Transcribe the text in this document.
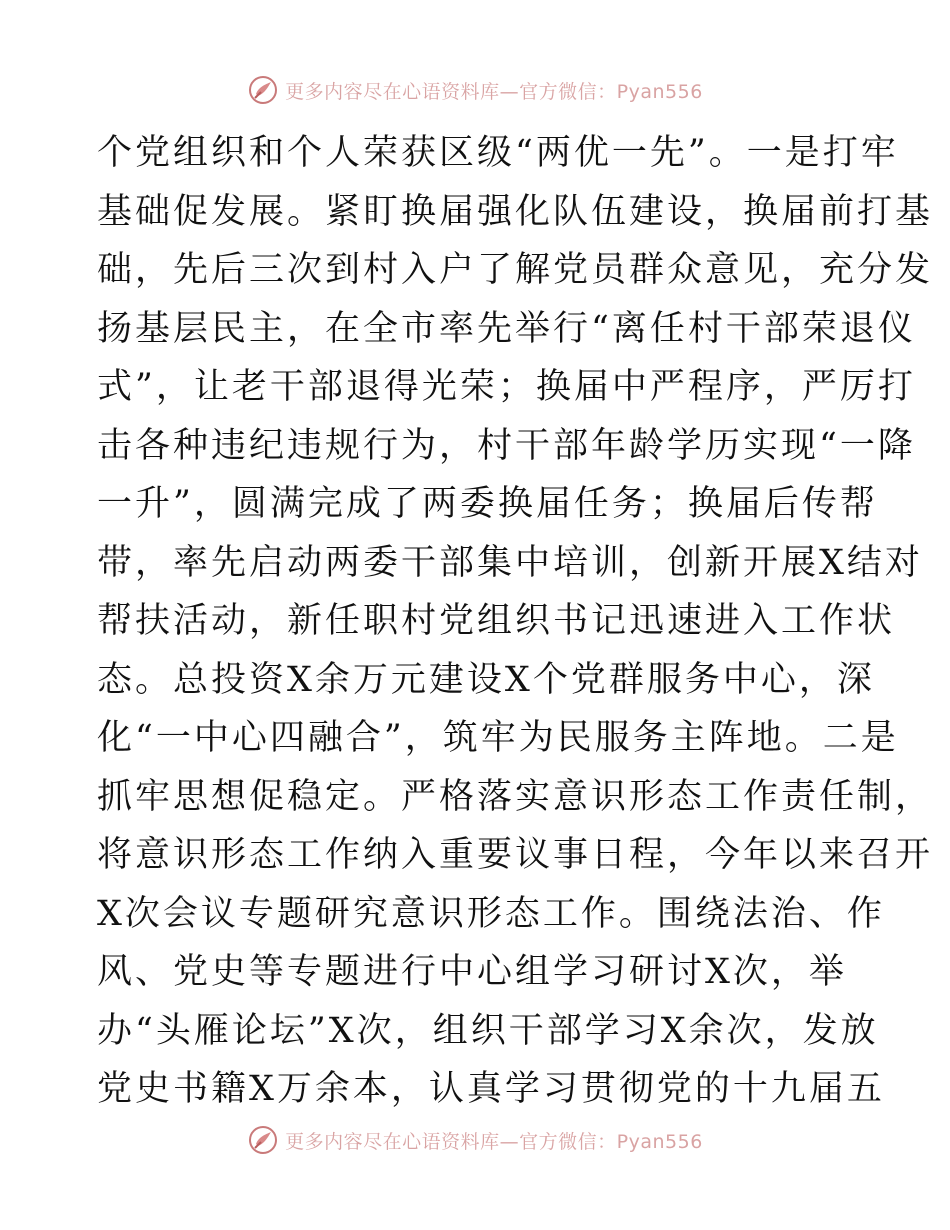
更多内容尽在心语资料库—官方微信：Pyan556
个党组织和个人荣获区级“两优一先”。一是打牢
基础促发展。紧盯换届强化队伍建设，换届前打基
础，先后三次到村入户了解党员群众意见，充分发
扬基层民主，在全市率先举行“离任村干部荣退仪
式”，让老干部退得光荣；换届中严程序，严厉打
击各种违纪违规行为，村干部年龄学历实现“一降
一升”，圆满完成了两委换届任务；换届后传帮
带，率先启动两委干部集中培训，创新开展X结对
帮扶活动，新任职村党组织书记迅速进入工作状
态。总投资X余万元建设X个党群服务中心，深
化“一中心四融合”，筑牢为民服务主阵地。二是
抓牢思想促稳定。严格落实意识形态工作责任制，
将意识形态工作纳入重要议事日程，今年以来召开
X次会议专题研究意识形态工作。围绕法治、作
风、党史等专题进行中心组学习研讨X次，举
办“头雁论坛”X次，组织干部学习X余次，发放
党史书籍X万余本，认真学习贯彻党的十九届五
更多内容尽在心语资料库—官方微信：Pyan556
